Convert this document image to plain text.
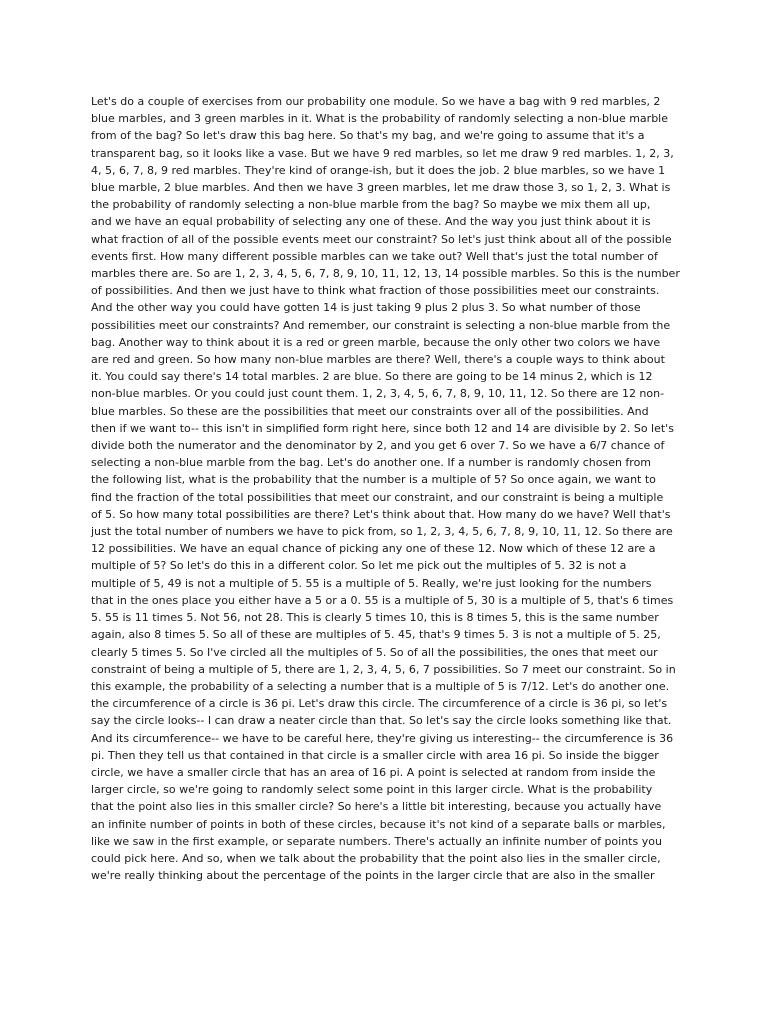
Let's do a couple of exercises from our probability one module. So we have a bag with 9 red marbles, 2
blue marbles, and 3 green marbles in it. What is the probability of randomly selecting a non-blue marble
from of the bag? So let's draw this bag here. So that's my bag, and we're going to assume that it's a
transparent bag, so it looks like a vase. But we have 9 red marbles, so let me draw 9 red marbles. 1, 2, 3,
4, 5, 6, 7, 8, 9 red marbles. They're kind of orange-ish, but it does the job. 2 blue marbles, so we have 1
blue marble, 2 blue marbles. And then we have 3 green marbles, let me draw those 3, so 1, 2, 3. What is
the probability of randomly selecting a non-blue marble from the bag? So maybe we mix them all up,
and we have an equal probability of selecting any one of these. And the way you just think about it is
what fraction of all of the possible events meet our constraint? So let's just think about all of the possible
events first. How many different possible marbles can we take out? Well that's just the total number of
marbles there are. So are 1, 2, 3, 4, 5, 6, 7, 8, 9, 10, 11, 12, 13, 14 possible marbles. So this is the number
of possibilities. And then we just have to think what fraction of those possibilities meet our constraints.
And the other way you could have gotten 14 is just taking 9 plus 2 plus 3. So what number of those
possibilities meet our constraints? And remember, our constraint is selecting a non-blue marble from the
bag. Another way to think about it is a red or green marble, because the only other two colors we have
are red and green. So how many non-blue marbles are there? Well, there's a couple ways to think about
it. You could say there's 14 total marbles. 2 are blue. So there are going to be 14 minus 2, which is 12
non-blue marbles. Or you could just count them. 1, 2, 3, 4, 5, 6, 7, 8, 9, 10, 11, 12. So there are 12 non-
blue marbles. So these are the possibilities that meet our constraints over all of the possibilities. And
then if we want to-- this isn't in simplified form right here, since both 12 and 14 are divisible by 2. So let's
divide both the numerator and the denominator by 2, and you get 6 over 7. So we have a 6/7 chance of
selecting a non-blue marble from the bag. Let's do another one. If a number is randomly chosen from
the following list, what is the probability that the number is a multiple of 5? So once again, we want to
find the fraction of the total possibilities that meet our constraint, and our constraint is being a multiple
of 5. So how many total possibilities are there? Let's think about that. How many do we have? Well that's
just the total number of numbers we have to pick from, so 1, 2, 3, 4, 5, 6, 7, 8, 9, 10, 11, 12. So there are
12 possibilities. We have an equal chance of picking any one of these 12. Now which of these 12 are a
multiple of 5? So let's do this in a different color. So let me pick out the multiples of 5. 32 is not a
multiple of 5, 49 is not a multiple of 5. 55 is a multiple of 5. Really, we're just looking for the numbers
that in the ones place you either have a 5 or a 0. 55 is a multiple of 5, 30 is a multiple of 5, that's 6 times
5. 55 is 11 times 5. Not 56, not 28. This is clearly 5 times 10, this is 8 times 5, this is the same number
again, also 8 times 5. So all of these are multiples of 5. 45, that's 9 times 5. 3 is not a multiple of 5. 25,
clearly 5 times 5. So I've circled all the multiples of 5. So of all the possibilities, the ones that meet our
constraint of being a multiple of 5, there are 1, 2, 3, 4, 5, 6, 7 possibilities. So 7 meet our constraint. So in
this example, the probability of a selecting a number that is a multiple of 5 is 7/12. Let's do another one.
the circumference of a circle is 36 pi. Let's draw this circle. The circumference of a circle is 36 pi, so let's
say the circle looks-- I can draw a neater circle than that. So let's say the circle looks something like that.
And its circumference-- we have to be careful here, they're giving us interesting-- the circumference is 36
pi. Then they tell us that contained in that circle is a smaller circle with area 16 pi. So inside the bigger
circle, we have a smaller circle that has an area of 16 pi. A point is selected at random from inside the
larger circle, so we're going to randomly select some point in this larger circle. What is the probability
that the point also lies in this smaller circle? So here's a little bit interesting, because you actually have
an infinite number of points in both of these circles, because it's not kind of a separate balls or marbles,
like we saw in the first example, or separate numbers. There's actually an infinite number of points you
could pick here. And so, when we talk about the probability that the point also lies in the smaller circle,
we're really thinking about the percentage of the points in the larger circle that are also in the smaller
